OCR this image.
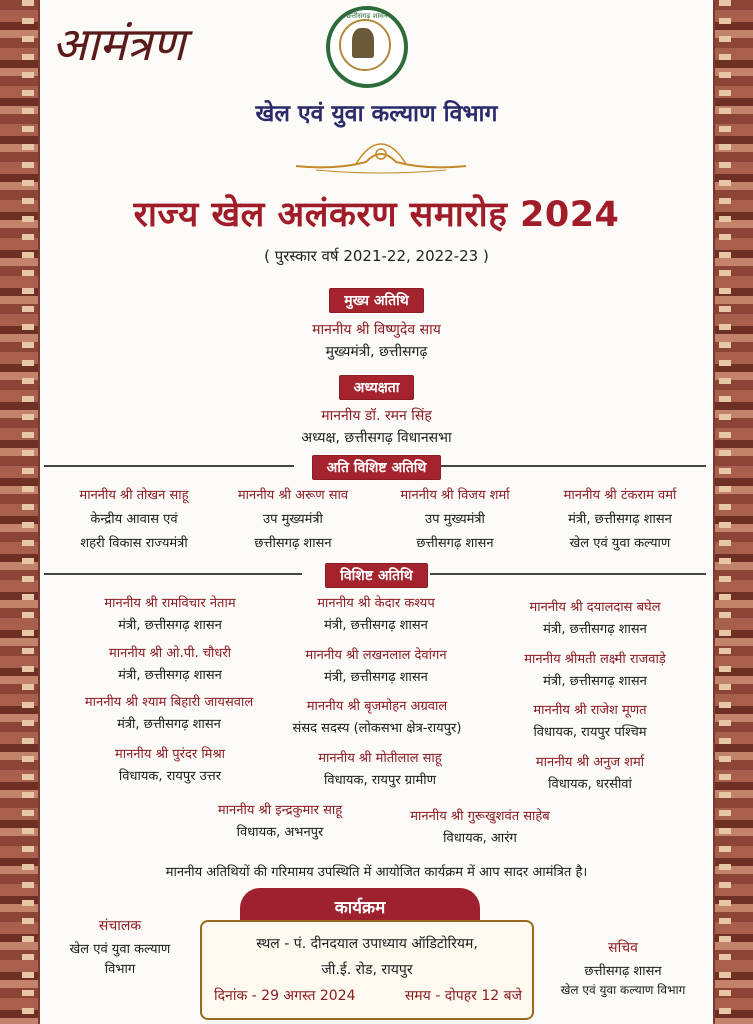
आमंत्रण
छत्तीसगढ़ शासन
खेल एवं युवा कल्याण विभाग
राज्य खेल अलंकरण समारोह 2024
( पुरस्कार वर्ष 2021-22, 2022-23 )
मुख्य अतिथि
माननीय श्री विष्णुदेव साय
मुख्यमंत्री, छत्तीसगढ़
अध्यक्षता
माननीय डॉ. रमन सिंह
अध्यक्ष, छत्तीसगढ़ विधानसभा
अति विशिष्ट अतिथि
माननीय श्री तोखन साहू
केन्द्रीय आवास एवं
शहरी विकास राज्यमंत्री
माननीय श्री अरूण साव
उप मुख्यमंत्री
छत्तीसगढ़ शासन
माननीय श्री विजय शर्मा
उप मुख्यमंत्री
छत्तीसगढ़ शासन
माननीय श्री टंकराम वर्मा
मंत्री, छत्तीसगढ़ शासन
खेल एवं युवा कल्याण
विशिष्ट अतिथि
माननीय श्री रामविचार नेताम
मंत्री, छत्तीसगढ़ शासन
माननीय श्री केदार कश्यप
मंत्री, छत्तीसगढ़ शासन
माननीय श्री दयालदास बघेल
मंत्री, छत्तीसगढ़ शासन
माननीय श्री ओ.पी. चौधरी
मंत्री, छत्तीसगढ़ शासन
माननीय श्री लखनलाल देवांगन
मंत्री, छत्तीसगढ़ शासन
माननीय श्रीमती लक्ष्मी राजवाड़े
मंत्री, छत्तीसगढ़ शासन
माननीय श्री श्याम बिहारी जायसवाल
मंत्री, छत्तीसगढ़ शासन
माननीय श्री बृजमोहन अग्रवाल
संसद सदस्य (लोकसभा क्षेत्र-रायपुर)
माननीय श्री राजेश मूणत
विधायक, रायपुर पश्चिम
माननीय श्री पुरंदर मिश्रा
विधायक, रायपुर उत्तर
माननीय श्री मोतीलाल साहू
विधायक, रायपुर ग्रामीण
माननीय श्री अनुज शर्मा
विधायक, धरसीवां
माननीय श्री इन्द्रकुमार साहू
विधायक, अभनपुर
माननीय श्री गुरूखुशवंत साहेब
विधायक, आरंग
माननीय अतिथियों की गरिमामय उपस्थिति में आयोजित कार्यक्रम में आप सादर आमंत्रित है।
कार्यक्रम
स्थल - पं. दीनदयाल उपाध्याय ऑडिटोरियम,
जी.ई. रोड, रायपुर
दिनांक - 29 अगस्त 2024	समय - दोपहर 12 बजे
संचालक
खेल एवं युवा कल्याण
विभाग
सचिव
छत्तीसगढ़ शासन
खेल एवं युवा कल्याण विभाग
